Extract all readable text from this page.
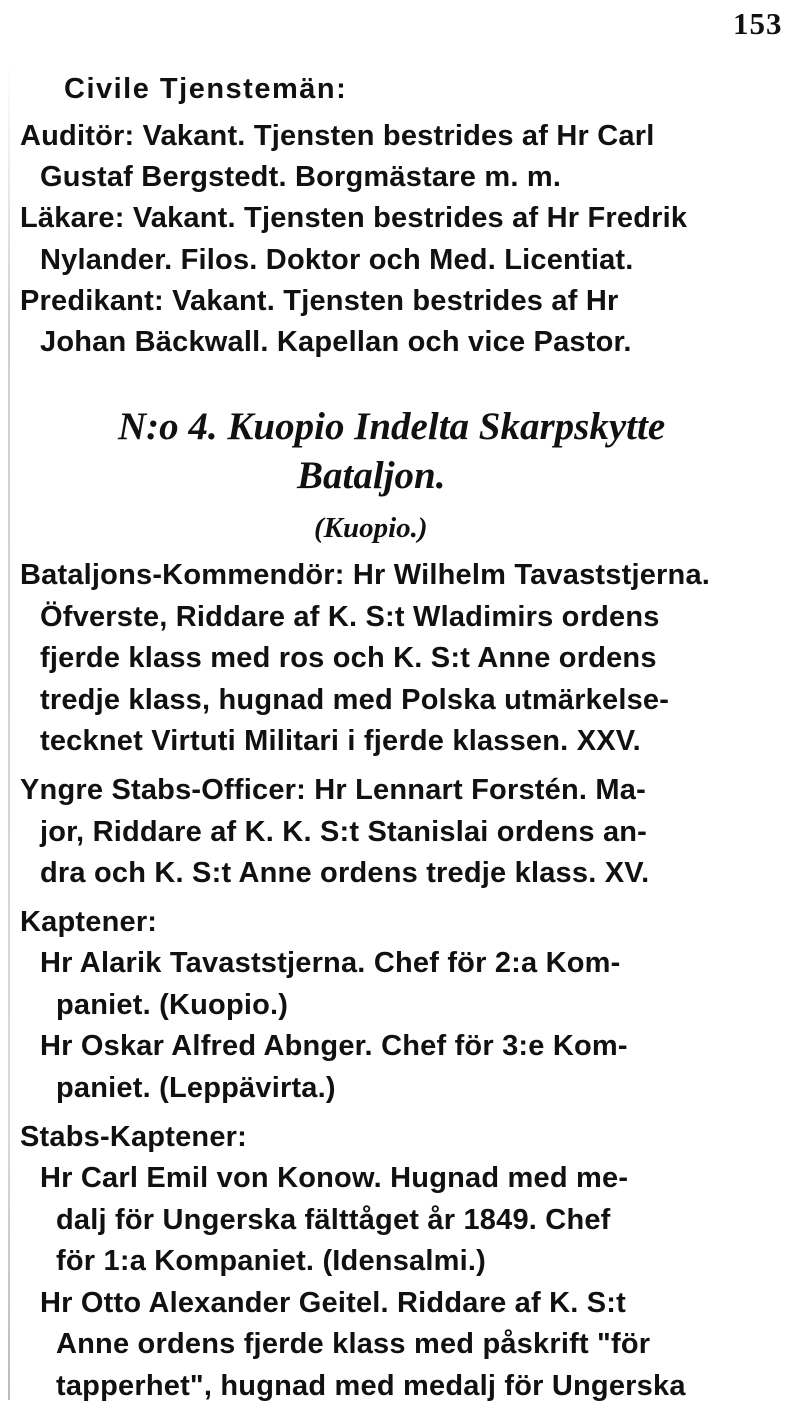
153
Civile Tjenstemän:
Auditör: Vakant. Tjensten bestrides af Hr Carl
Gustaf Bergstedt. Borgmästare m. m.
Läkare: Vakant. Tjensten bestrides af Hr Fredrik
Nylander. Filos. Doktor och Med. Licentiat.
Predikant: Vakant. Tjensten bestrides af Hr
Johan Bäckwall. Kapellan och vice Pastor.
N:o 4. Kuopio Indelta Skarpskytte
Bataljon.
(Kuopio.)
Bataljons-Kommendör: Hr Wilhelm Tavaststjerna.
Öfverste, Riddare af K. S:t Wladimirs ordens
fjerde klass med ros och K. S:t Anne ordens
tredje klass, hugnad med Polska utmärkelse-
tecknet Virtuti Militari i fjerde klassen. XXV.
Yngre Stabs-Officer: Hr Lennart Forstén. Ma-
jor, Riddare af K. K. S:t Stanislai ordens an-
dra och K. S:t Anne ordens tredje klass. XV.
Kaptener:
Hr Alarik Tavaststjerna. Chef för 2:a Kom-
paniet. (Kuopio.)
Hr Oskar Alfred Abnger. Chef för 3:e Kom-
paniet. (Leppävirta.)
Stabs-Kaptener:
Hr Carl Emil von Konow. Hugnad med me-
dalj för Ungerska fälttåget år 1849. Chef
för 1:a Kompaniet. (Idensalmi.)
Hr Otto Alexander Geitel. Riddare af K. S:t
Anne ordens fjerde klass med påskrift "för
tapperhet", hugnad med medalj för Ungerska
